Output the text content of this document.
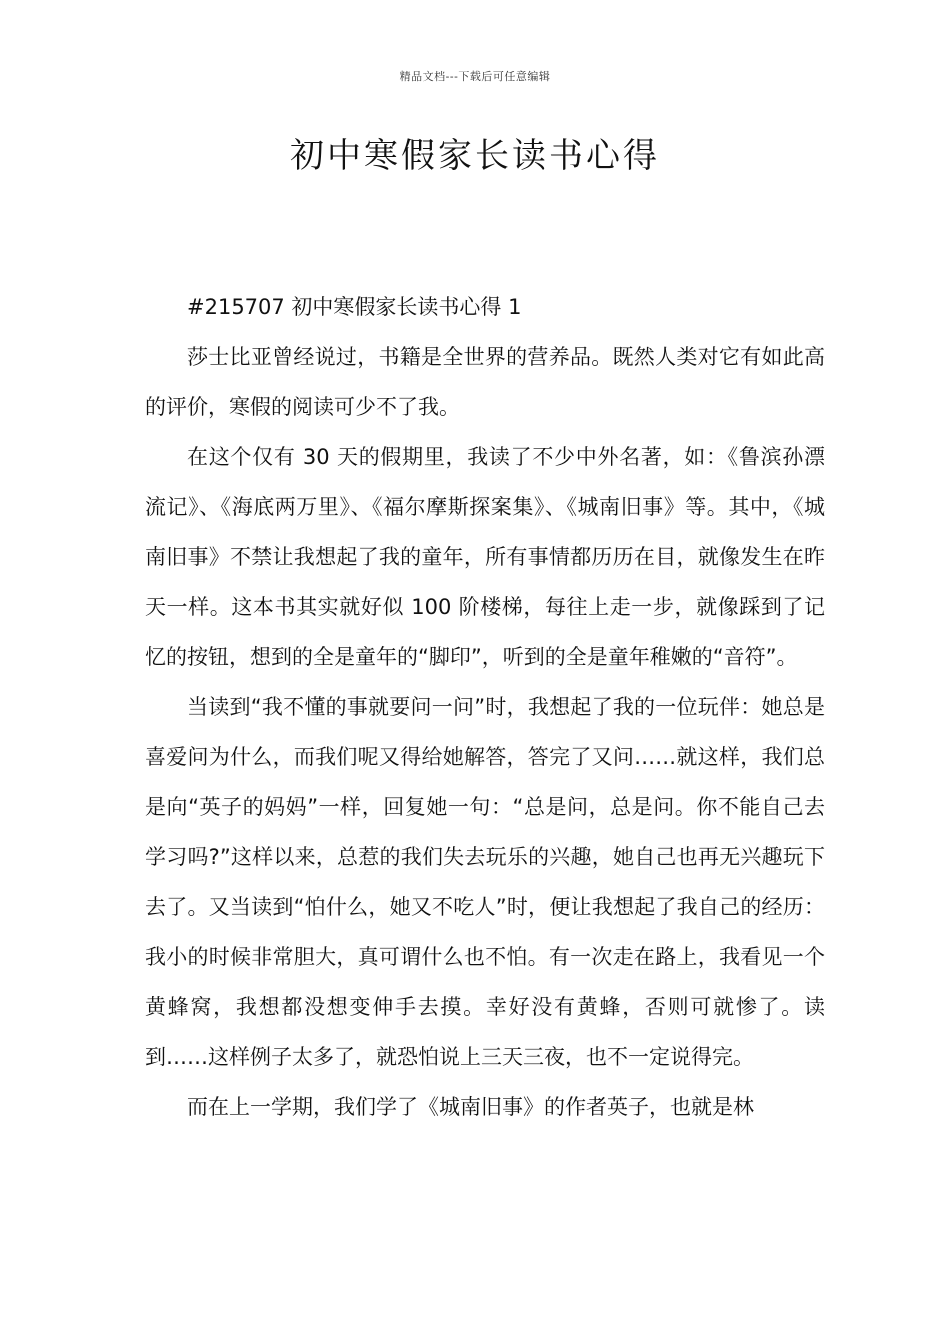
精品文档---下载后可任意编辑
初中寒假家长读书心得

#215707 初中寒假家长读书心得 1

莎士比亚曾经说过，书籍是全世界的营养品。既然人类对它有如此高的评价，寒假的阅读可少不了我。

在这个仅有 30 天的假期里，我读了不少中外名著，如：《鲁滨孙漂流记》、《海底两万里》、《福尔摩斯探案集》、《城南旧事》等。其中，《城南旧事》不禁让我想起了我的童年，所有事情都历历在目，就像发生在昨天一样。这本书其实就好似 100 阶楼梯，每往上走一步，就像踩到了记忆的按钮，想到的全是童年的“脚印”，听到的全是童年稚嫩的“音符”。

当读到“我不懂的事就要问一问”时，我想起了我的一位玩伴：她总是喜爱问为什么，而我们呢又得给她解答，答完了又问……就这样，我们总是向“英子的妈妈”一样，回复她一句：“总是问，总是问。你不能自己去学习吗?”这样以来，总惹的我们失去玩乐的兴趣，她自己也再无兴趣玩下去了。又当读到“怕什么，她又不吃人”时，便让我想起了我自己的经历：我小的时候非常胆大，真可谓什么也不怕。有一次走在路上，我看见一个黄蜂窝，我想都没想变伸手去摸。幸好没有黄蜂，否则可就惨了。读到……这样例子太多了，就恐怕说上三天三夜，也不一定说得完。

而在上一学期，我们学了《城南旧事》的作者英子，也就是林
